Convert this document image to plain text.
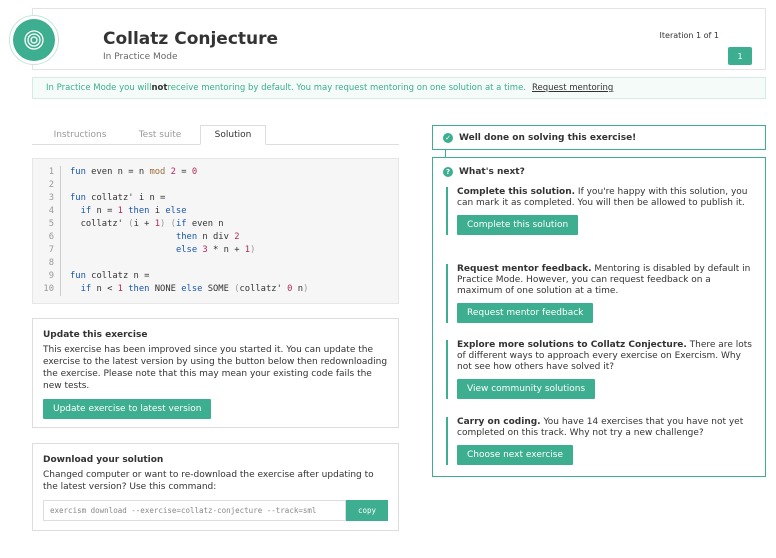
Collatz Conjecture
In Practice Mode
Iteration 1 of 1
1
In Practice Mode you will not receive mentoring by default. You may request mentoring on one solution at a time. Request mentoring
Instructions	Test suite	Solution
1
2
3
4
5
6
7
8
9
10
fun even n = n mod 2 = 0

fun collatz' i n =
if n = 1 then i else
collatz' (i + 1) (if even n
then n div 2
else 3 * n + 1)

fun collatz n =
if n < 1 then NONE else SOME (collatz' 0 n)
Update this exercise

This exercise has been improved since you started it. You can update the exercise to the latest version by using the button below then redownloading the exercise. Please note that this may mean your existing code fails the new tests.

Update exercise to latest version
Download your solution

Changed computer or want to re-download the exercise after updating to the latest version? Use this command:

exercism download --exercise=collatz-conjecture --track=sml	copy
✓ Well done on solving this exercise!
? What's next?

Complete this solution. If you're happy with this solution, you can mark it as completed. You will then be allowed to publish it.

Complete this solution

Request mentor feedback. Mentoring is disabled by default in Practice Mode. However, you can request feedback on a maximum of one solution at a time.

Request mentor feedback

Explore more solutions to Collatz Conjecture. There are lots of different ways to approach every exercise on Exercism. Why not see how others have solved it?

View community solutions

Carry on coding. You have 14 exercises that you have not yet completed on this track. Why not try a new challenge?

Choose next exercise
